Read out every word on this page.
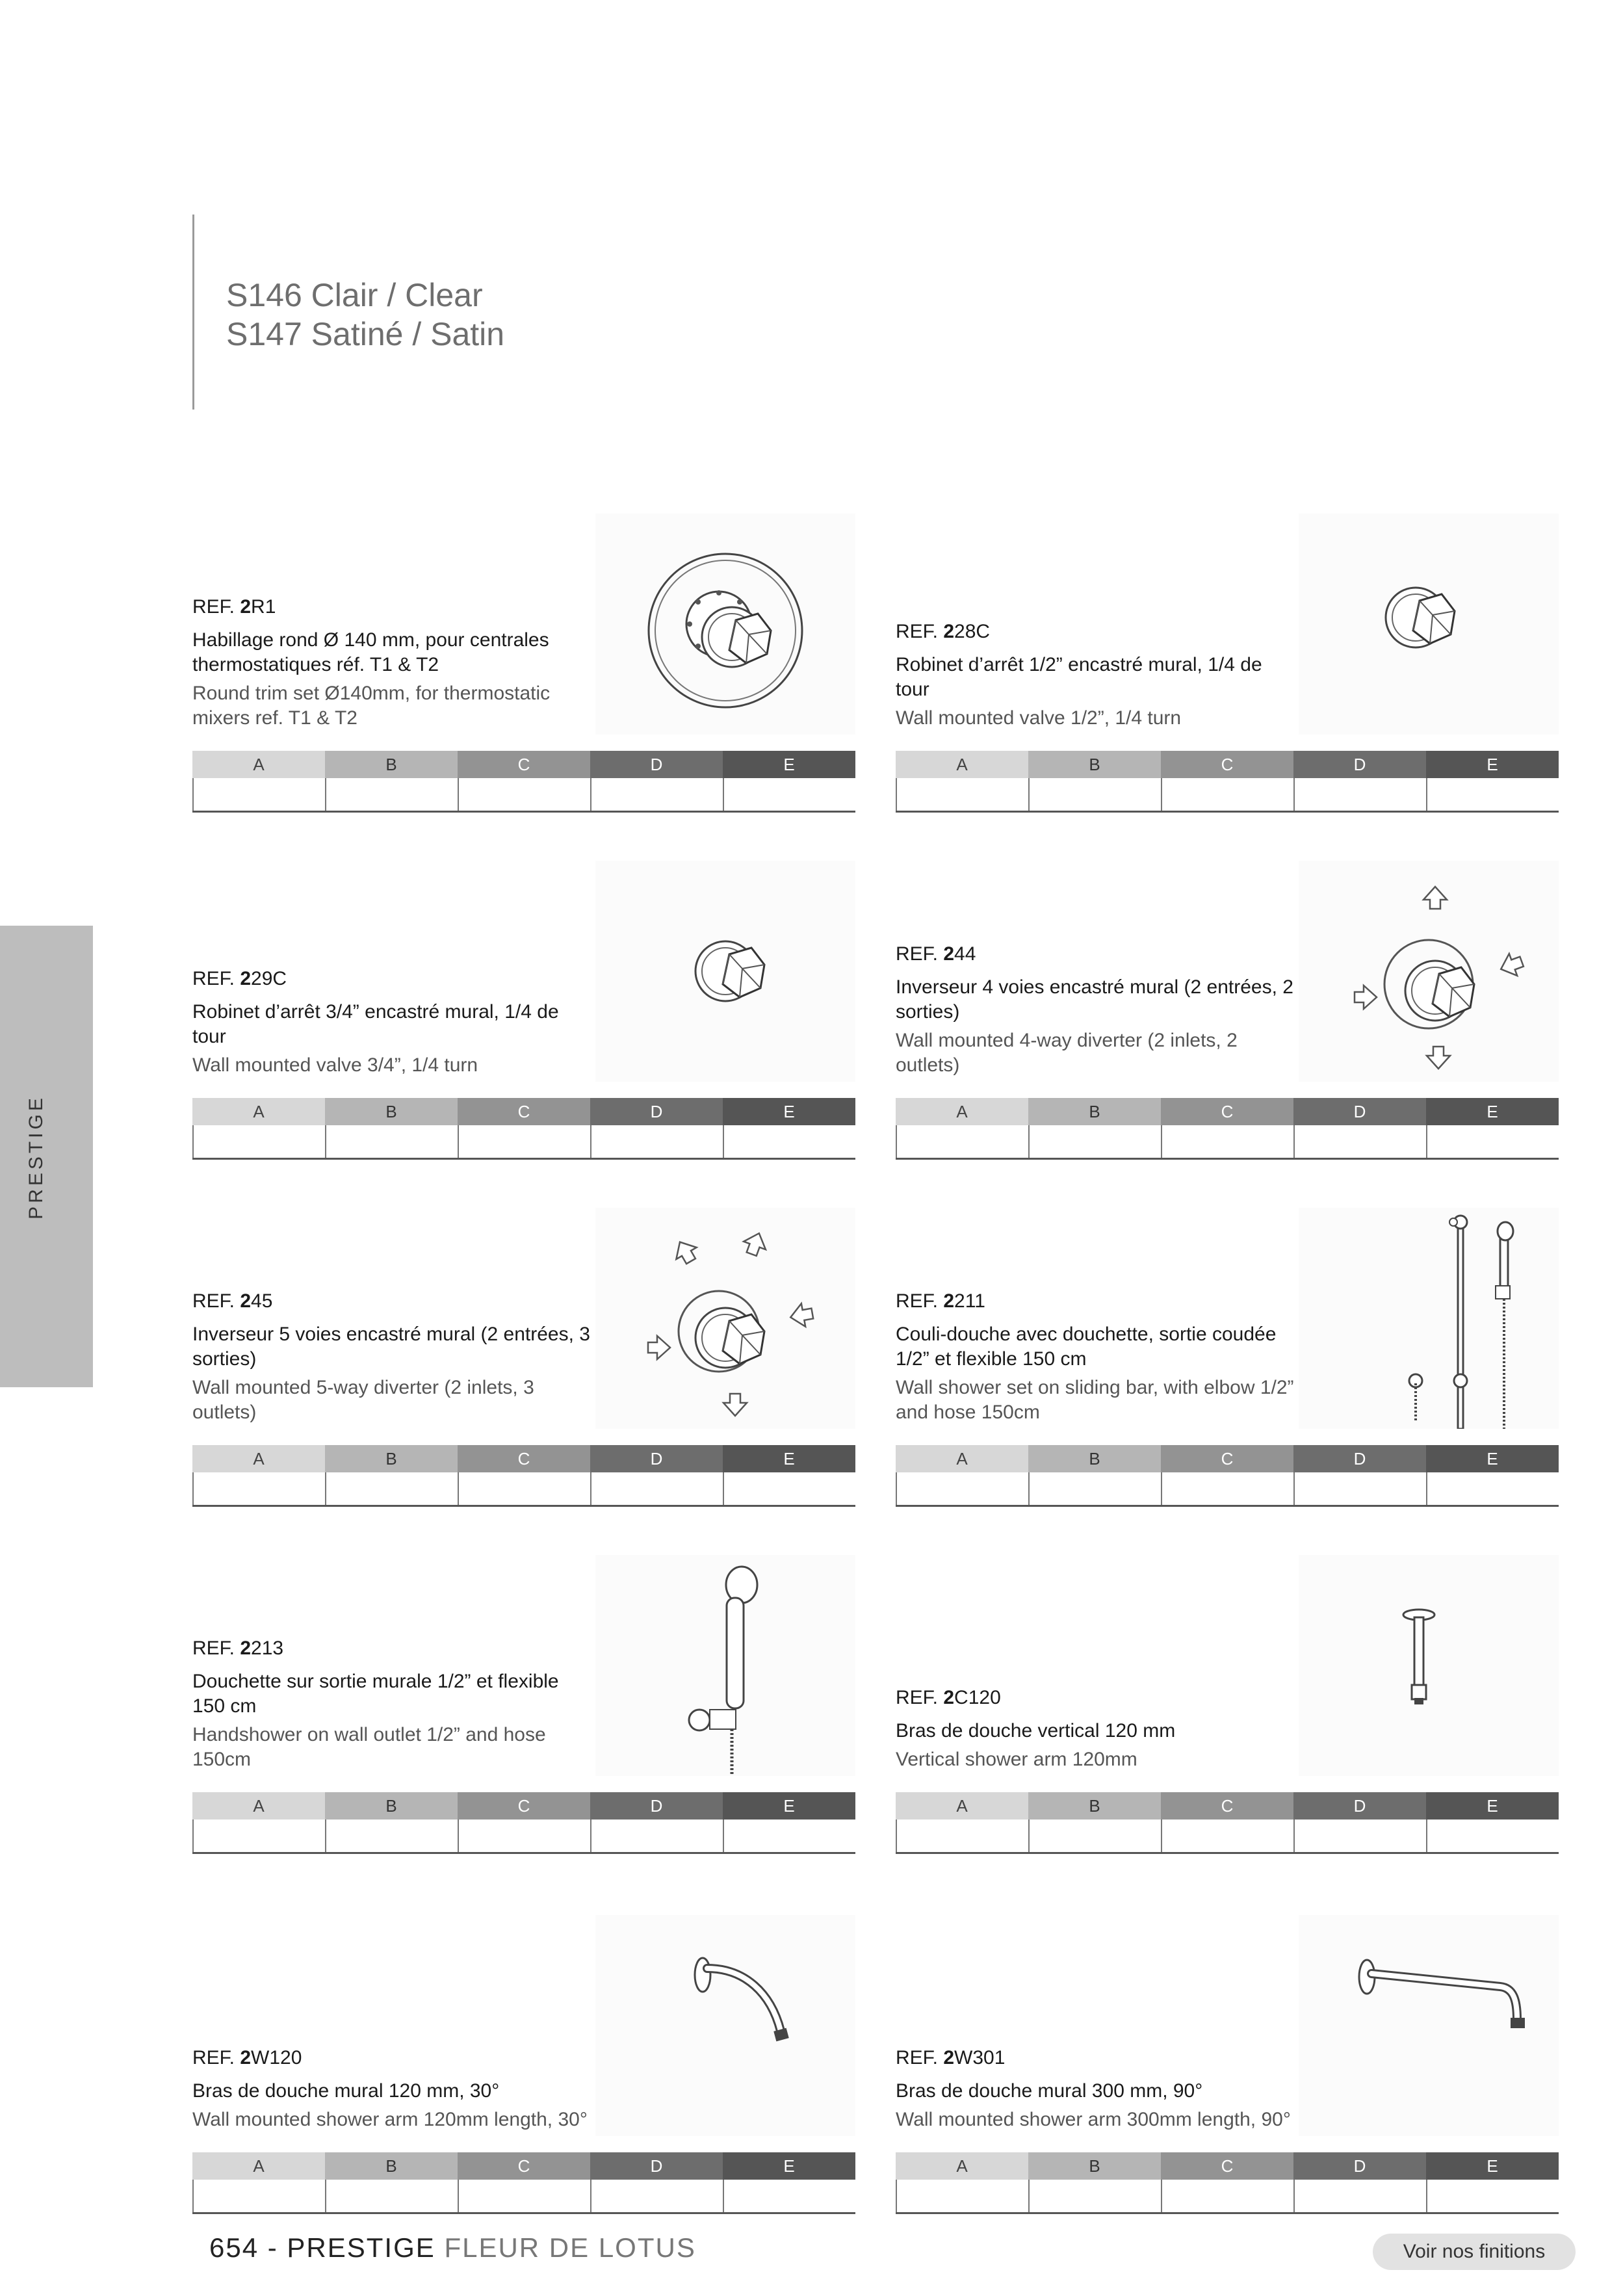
S146 Clair / Clear
S147 Satiné / Satin
PRESTIGE
REF. 2R1
Habillage rond Ø 140 mm, pour centrales thermostatiques réf. T1 & T2
Round trim set Ø140mm, for thermostatic mixers ref. T1 & T2
A	B	C	D	E
REF. 228C
Robinet d’arrêt 1/2” encastré mural, 1/4 de tour
Wall mounted valve 1/2”, 1/4 turn
A	B	C	D	E
REF. 229C
Robinet d’arrêt 3/4” encastré mural, 1/4 de tour
Wall mounted valve 3/4”, 1/4 turn
A	B	C	D	E
REF. 244
Inverseur 4 voies encastré mural (2 entrées, 2 sorties)
Wall mounted 4-way diverter (2 inlets, 2 outlets)
A	B	C	D	E
REF. 245
Inverseur 5 voies encastré mural (2 entrées, 3 sorties)
Wall mounted 5-way diverter (2 inlets, 3 outlets)
A	B	C	D	E
REF. 2211
Couli-douche avec douchette, sortie coudée 1/2” et flexible 150 cm
Wall shower set on sliding bar, with elbow 1/2” and hose 150cm
A	B	C	D	E
REF. 2213
Douchette sur sortie murale 1/2” et flexible 150 cm
Handshower on wall outlet 1/2” and hose 150cm
A	B	C	D	E
REF. 2C120
Bras de douche vertical 120 mm
Vertical shower arm 120mm
A	B	C	D	E
REF. 2W120
Bras de douche mural 120 mm, 30°
Wall mounted shower arm 120mm length, 30°
A	B	C	D	E
REF. 2W301
Bras de douche mural 300 mm, 90°
Wall mounted shower arm 300mm length, 90°
A	B	C	D	E
654 - PRESTIGE FLEUR DE LOTUS	Voir nos finitions
